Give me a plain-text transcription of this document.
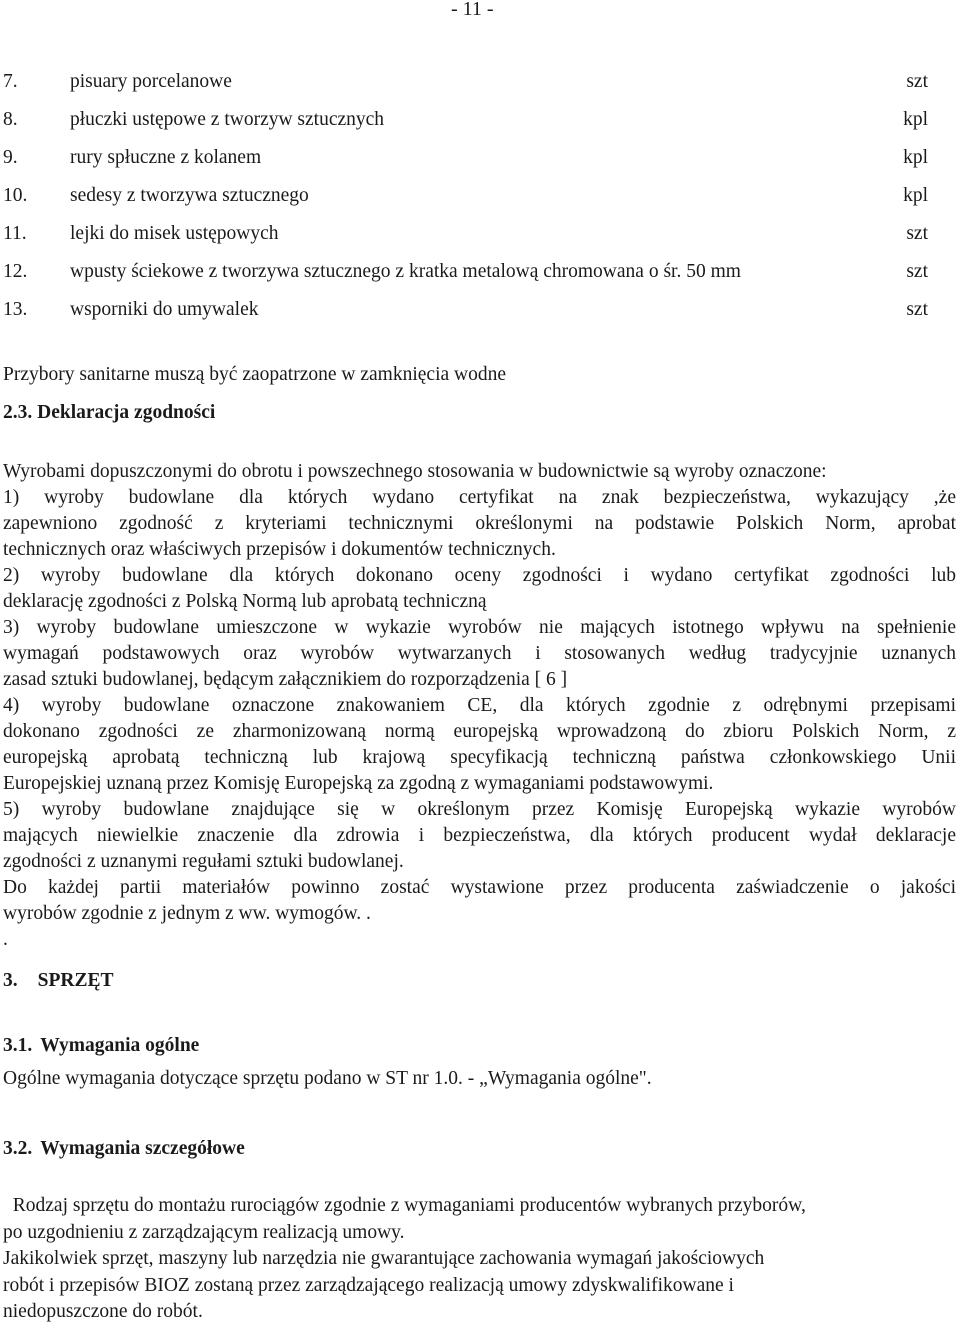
- 11 -
7.	pisuary porcelanowe	szt
8.	płuczki ustępowe z tworzyw sztucznych	kpl
9.	rury spłuczne z kolanem	kpl
10. sedesy z tworzywa sztucznego	kpl
11. lejki do misek ustępowych	szt
12. wpusty ściekowe z tworzywa sztucznego z kratka metalową chromowana o śr. 50 mm	szt
13. wsporniki do umywalek	szt
Przybory sanitarne muszą być zaopatrzone w zamknięcia wodne
2.3. Deklaracja zgodności
Wyrobami dopuszczonymi do obrotu i powszechnego stosowania w budownictwie są wyroby oznaczone:
1) wyroby budowlane dla których wydano certyfikat na znak bezpieczeństwa, wykazujący ,że
zapewniono zgodność z kryteriami technicznymi określonymi na podstawie Polskich Norm, aprobat
technicznych oraz właściwych przepisów i dokumentów technicznych.
2) wyroby budowlane dla których dokonano oceny zgodności i wydano certyfikat zgodności lub
deklarację zgodności z Polską Normą lub aprobatą techniczną
3) wyroby budowlane umieszczone w wykazie wyrobów nie mających istotnego wpływu na spełnienie
wymagań podstawowych oraz wyrobów wytwarzanych i stosowanych według tradycyjnie uznanych
zasad sztuki budowlanej, będącym załącznikiem do rozporządzenia [ 6 ]
4) wyroby budowlane oznaczone znakowaniem CE, dla których zgodnie z odrębnymi przepisami
dokonano zgodności ze zharmonizowaną normą europejską wprowadzoną do zbioru Polskich Norm, z
europejską aprobatą techniczną lub krajową specyfikacją techniczną państwa członkowskiego Unii
Europejskiej uznaną przez Komisję Europejską za zgodną z wymaganiami podstawowymi.
5) wyroby budowlane znajdujące się w określonym przez Komisję Europejską wykazie wyrobów
mających niewielkie znaczenie dla zdrowia i bezpieczeństwa, dla których producent wydał deklaracje
zgodności z uznanymi regułami sztuki budowlanej.
Do każdej partii materiałów powinno zostać wystawione przez producenta zaświadczenie o jakości
wyrobów zgodnie z jednym z ww. wymogów. .
.
3. SPRZĘT
3.1. Wymagania ogólne
Ogólne wymagania dotyczące sprzętu podano w ST nr 1.0. - „Wymagania ogólne".
3.2. Wymagania szczegółowe
Rodzaj sprzętu do montażu rurociągów zgodnie z wymaganiami producentów wybranych przyborów,
po uzgodnieniu z zarządzającym realizacją umowy.
Jakikolwiek sprzęt, maszyny lub narzędzia nie gwarantujące zachowania wymagań jakościowych
robót i przepisów BIOZ zostaną przez zarządzającego realizacją umowy zdyskwalifikowane i
niedopuszczone do robót.
